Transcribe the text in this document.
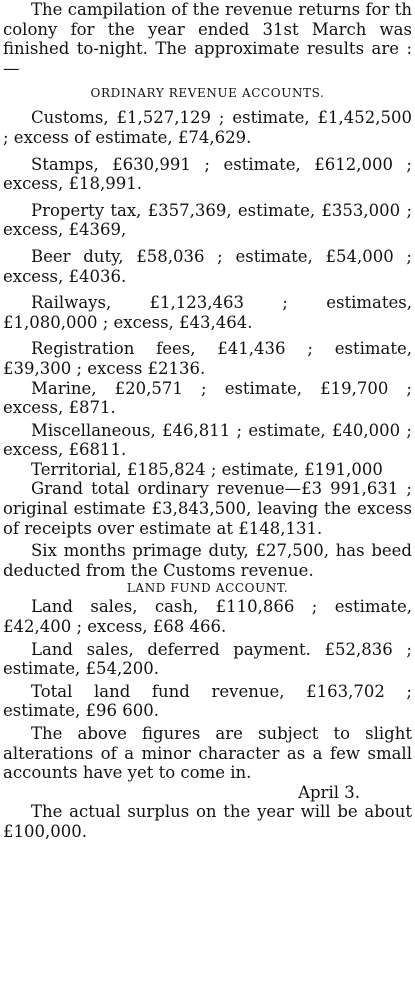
The campilation of the revenue returns for th colony for the year ended 31st March was finished to-night. The approximate results are :—

ORDINARY REVENUE ACCOUNTS.

Customs, £1,527,129 ; estimate, £1,452,500 ; excess of estimate, £74,629.

Stamps, £630,991 ; estimate, £612,000 ; excess, £18,991.

Property tax, £357,369, estimate, £353,000 ; excess, £4369,

Beer duty, £58,036 ; estimate, £54,000 ; excess, £4036.

Railways, £1,123,463 ; estimates, £1,080,000 ; excess, £43,464.

Registration fees, £41,436 ; estimate, £39,300 ; excess £2136.

Marine, £20,571 ; estimate, £19,700 ; excess, £871.

Miscellaneous, £46,811 ; estimate, £40,000 ; excess, £6811.

Territorial, £185,824 ; estimate, £191,000

Grand total ordinary revenue—£3 991,631 ; original estimate £3,843,500, leaving the excess of receipts over estimate at £148,131.

Six months primage duty, £27,500, has beed deducted from the Customs revenue.

LAND FUND ACCOUNT.

Land sales, cash, £110,866 ; estimate, £42,400 ; excess, £68 466.

Land sales, deferred payment. £52,836 ; estimate, £54,200.

Total land fund revenue, £163,702 ; estimate, £96 600.

The above figures are subject to slight alterations of a minor character as a few small accounts have yet to come in.

April 3.

The actual surplus on the year will be about £100,000.
